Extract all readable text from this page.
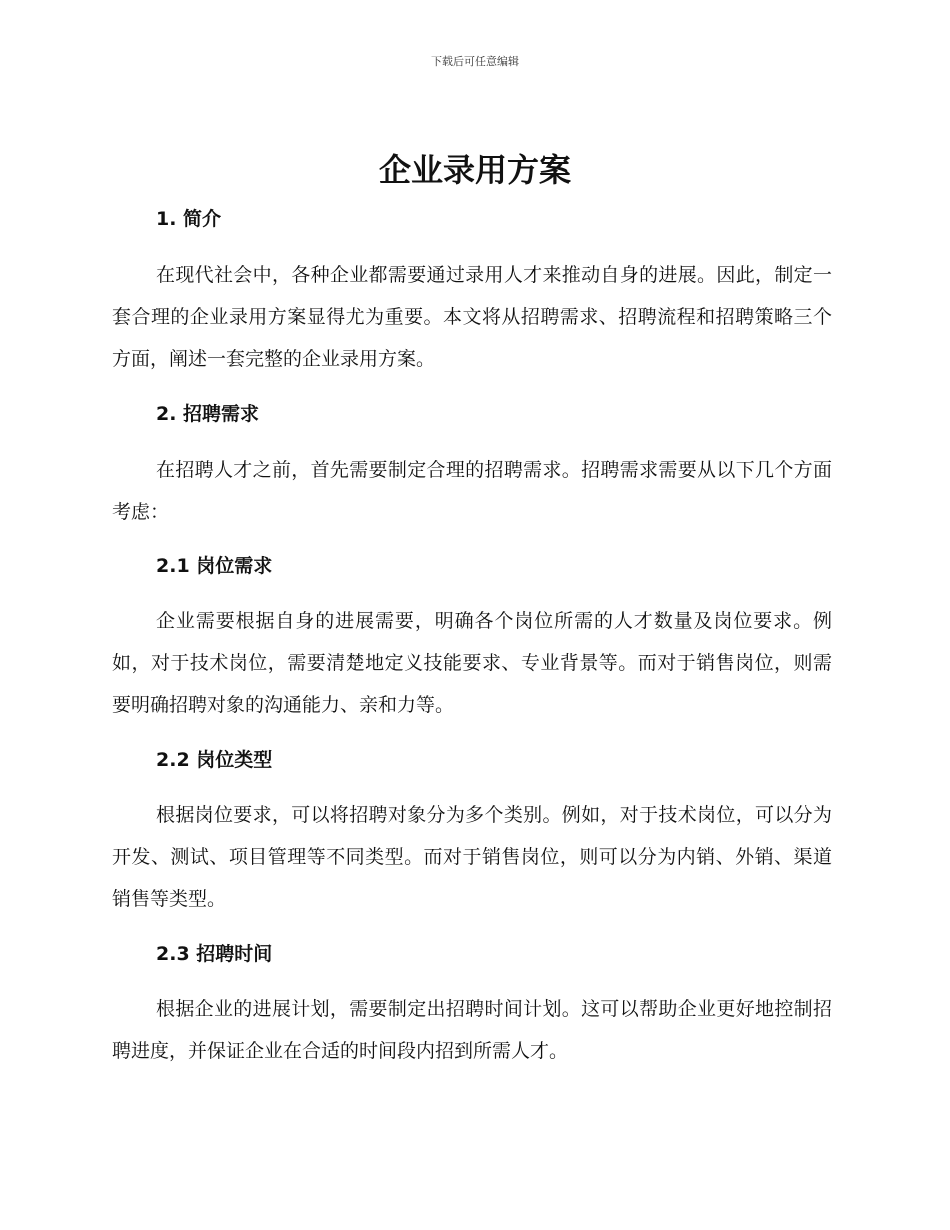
下载后可任意编辑
企业录用方案
1. 简介

在现代社会中，各种企业都需要通过录用人才来推动自身的进展。因此，制定一套合理的企业录用方案显得尤为重要。本文将从招聘需求、招聘流程和招聘策略三个方面，阐述一套完整的企业录用方案。

2. 招聘需求

在招聘人才之前，首先需要制定合理的招聘需求。招聘需求需要从以下几个方面考虑：

2.1 岗位需求

企业需要根据自身的进展需要，明确各个岗位所需的人才数量及岗位要求。例如，对于技术岗位，需要清楚地定义技能要求、专业背景等。而对于销售岗位，则需要明确招聘对象的沟通能力、亲和力等。

2.2 岗位类型

根据岗位要求，可以将招聘对象分为多个类别。例如，对于技术岗位，可以分为开发、测试、项目管理等不同类型。而对于销售岗位，则可以分为内销、外销、渠道销售等类型。

2.3 招聘时间

根据企业的进展计划，需要制定出招聘时间计划。这可以帮助企业更好地控制招聘进度，并保证企业在合适的时间段内招到所需人才。
